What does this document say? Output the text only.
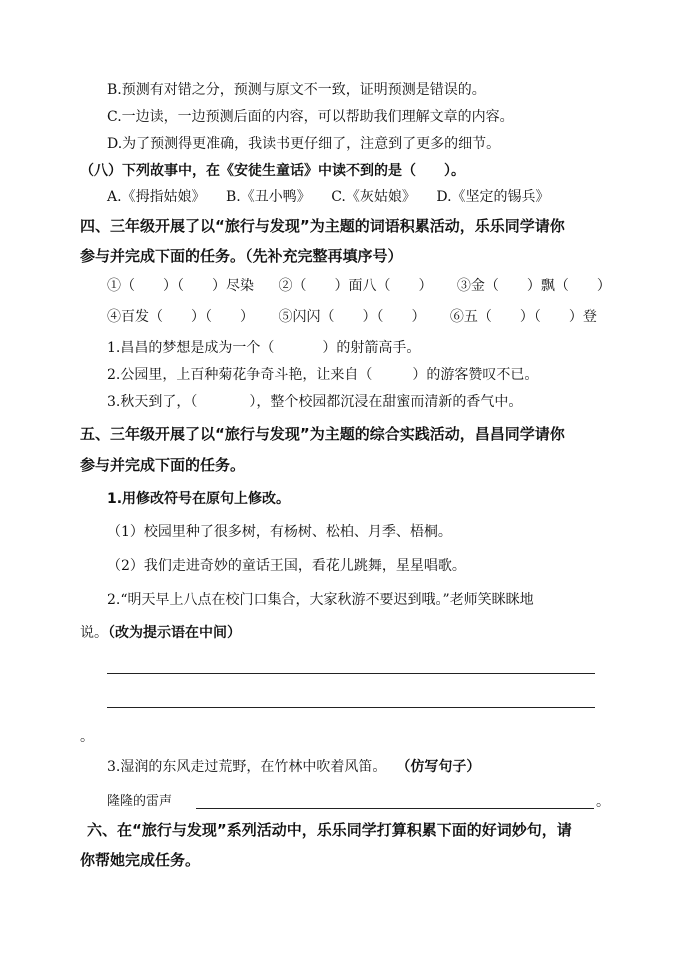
B.预测有对错之分，预测与原文不一致，证明预测是错误的。
C.一边读，一边预测后面的内容，可以帮助我们理解文章的内容。
D.为了预测得更准确，我读书更仔细了，注意到了更多的细节。
（八）下列故事中，在《安徒生童话》中读不到的是（　　）。
A.《拇指姑娘》 B.《丑小鸭》 C.《灰姑娘》 D.《坚定的锡兵》
四、三年级开展了以“旅行与发现”为主题的词语积累活动，乐乐同学请你
参与并完成下面的任务。（先补充完整再填序号）
①（　　）（　　）尽染 ②（　　）面八（　　） ③金（　　）飘（　　）
④百发（　　）（　　） ⑤闪闪（　　）（　　） ⑥五（　　）（　　）登
1.昌昌的梦想是成为一个（	）的射箭高手。
2.公园里，上百种菊花争奇斗艳，让来自（	）的游客赞叹不已。
3.秋天到了，（	），整个校园都沉浸在甜蜜而清新的香气中。
五、三年级开展了以“旅行与发现”为主题的综合实践活动，昌昌同学请你
参与并完成下面的任务。
1.用修改符号在原句上修改。
（1）校园里种了很多树，有杨树、松柏、月季、梧桐。
（2）我们走进奇妙的童话王国，看花儿跳舞，星星唱歌。
2.“明天早上八点在校门口集合，大家秋游不要迟到哦。”老师笑眯眯地
说。（改为提示语在中间）
。
3.湿润的东风走过荒野，在竹林中吹着风笛。 （仿写句子）
隆隆的雷声	。
六、在“旅行与发现”系列活动中，乐乐同学打算积累下面的好词妙句，请
你帮她完成任务。
